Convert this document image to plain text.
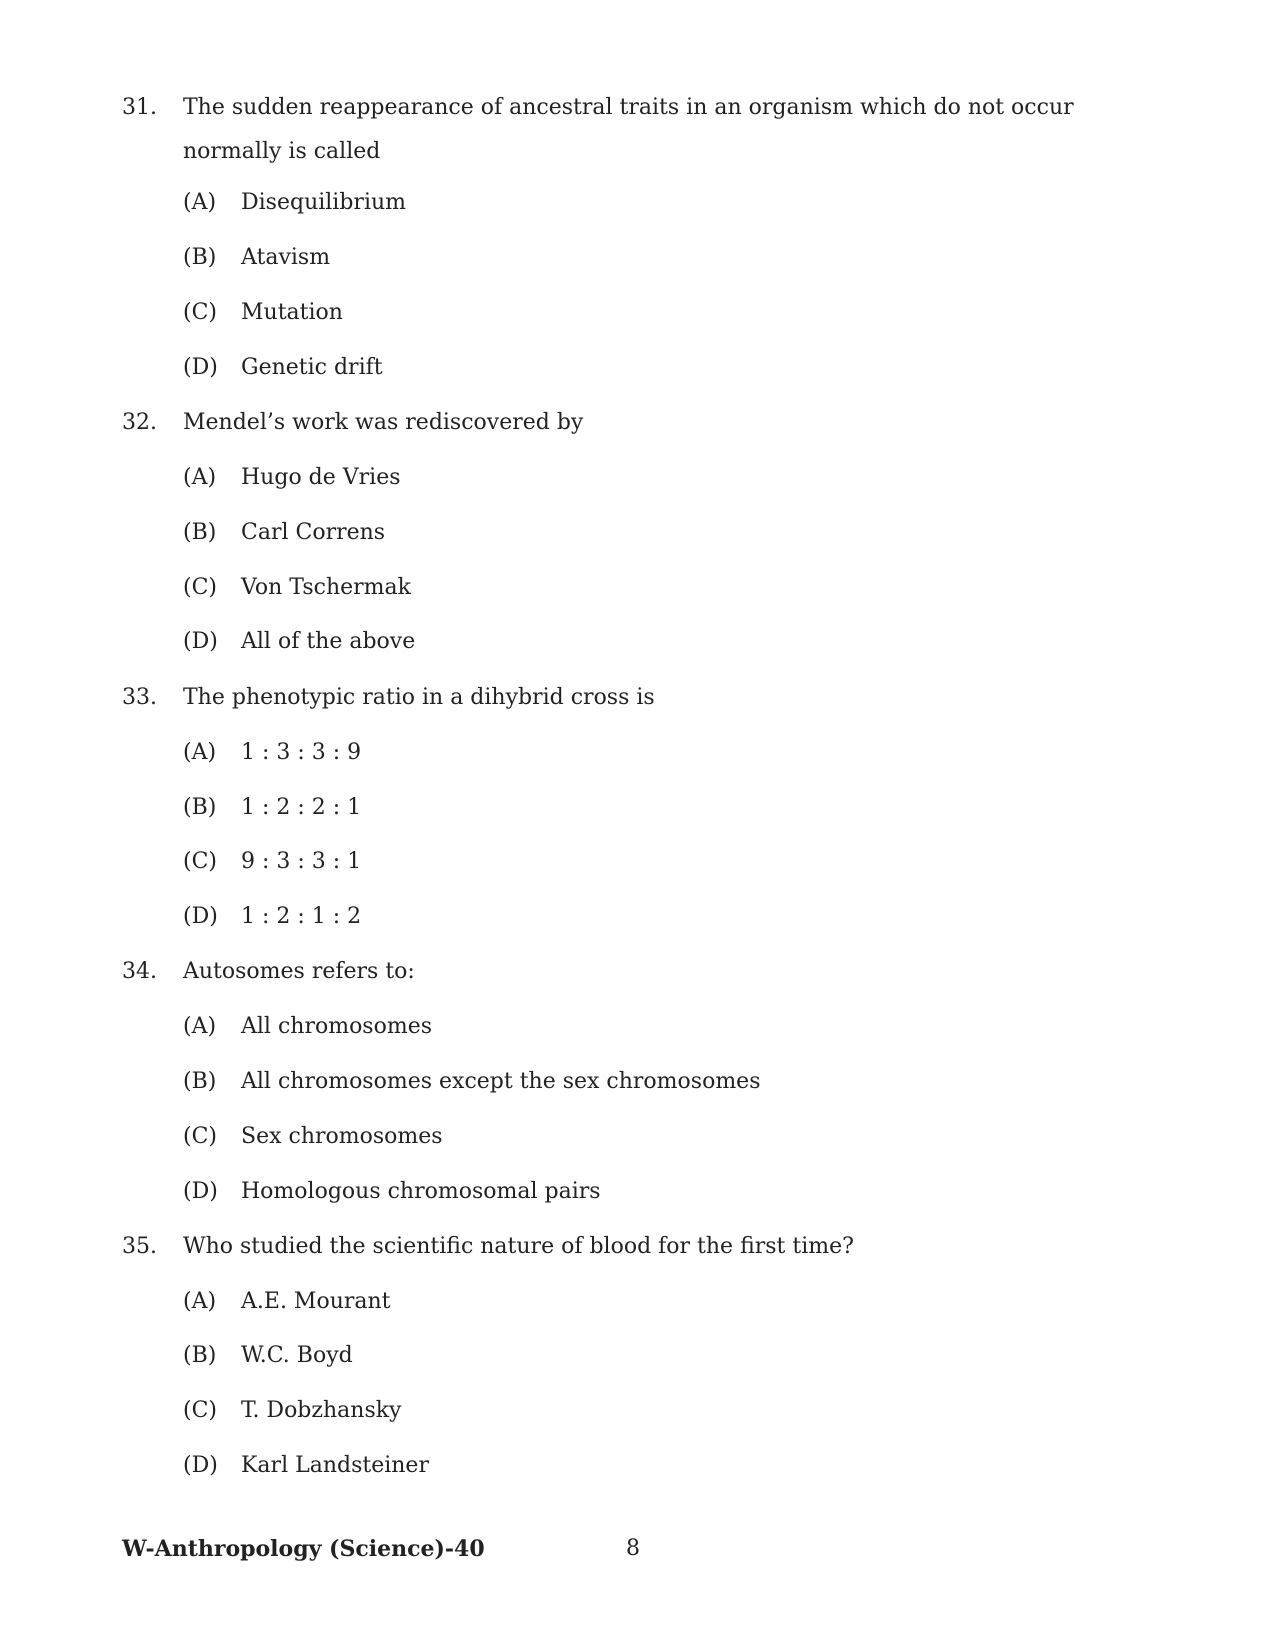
31. The sudden reappearance of ancestral traits in an organism which do not occur normally is called
(A) Disequilibrium
(B) Atavism
(C) Mutation
(D) Genetic drift
32. Mendel’s work was rediscovered by
(A) Hugo de Vries
(B) Carl Correns
(C) Von Tschermak
(D) All of the above
33. The phenotypic ratio in a dihybrid cross is
(A) 1 : 3 : 3 : 9
(B) 1 : 2 : 2 : 1
(C) 9 : 3 : 3 : 1
(D) 1 : 2 : 1 : 2
34. Autosomes refers to:
(A) All chromosomes
(B) All chromosomes except the sex chromosomes
(C) Sex chromosomes
(D) Homologous chromosomal pairs
35. Who studied the scientific nature of blood for the first time?
(A) A.E. Mourant
(B) W.C. Boyd
(C) T. Dobzhansky
(D) Karl Landsteiner
W-Anthropology (Science)-40	8
